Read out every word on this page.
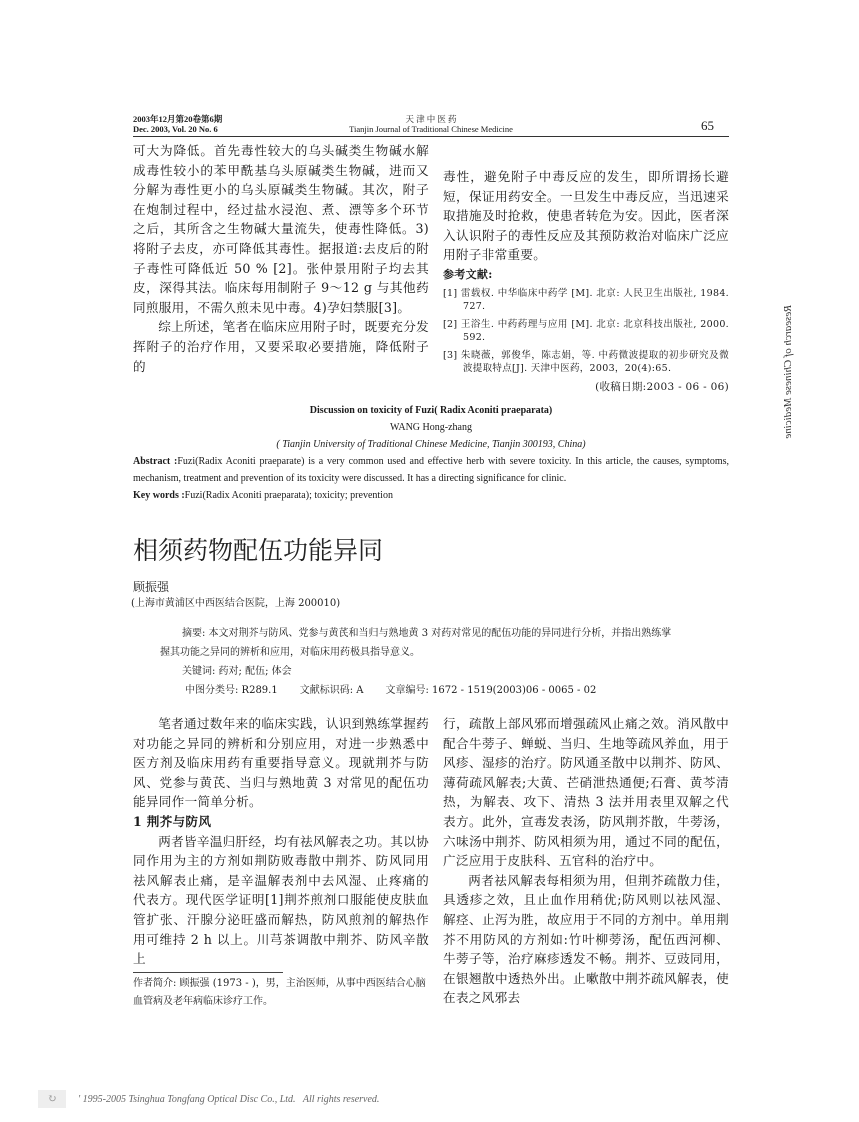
2003年12月第20卷第6期
Dec. 2003, Vol. 20 No. 6
天 津 中 医 药
Tianjin Journal of Traditional Chinese Medicine	65

可大为降低。首先毒性较大的乌头碱类生物碱水解成毒性较小的苯甲酰基乌头原碱类生物碱，进而又分解为毒性更小的乌头原碱类生物碱。其次，附子在炮制过程中，经过盐水浸泡、煮、漂等多个环节之后，其所含之生物碱大量流失，使毒性降低。3)将附子去皮，亦可降低其毒性。据报道:去皮后的附子毒性可降低近 50 % [2]。张仲景用附子均去其皮，深得其法。临床每用制附子 9～12 g 与其他药同煎服用，不需久煎未见中毒。4)孕妇禁服[3]。

综上所述，笔者在临床应用附子时，既要充分发挥附子的治疗作用，又要采取必要措施，降低附子的

毒性，避免附子中毒反应的发生，即所谓扬长避短，保证用药安全。一旦发生中毒反应，当迅速采取措施及时抢救，使患者转危为安。因此，医者深入认识附子的毒性反应及其预防救治对临床广泛应用附子非常重要。

参考文献:
[1] 雷载权. 中华临床中药学 [M]. 北京: 人民卫生出版社, 1984. 727.
[2] 王浴生. 中药药理与应用 [M]. 北京: 北京科技出版社, 2000. 592.
[3] 朱晓薇，郭俊华，陈志娟，等. 中药微波提取的初步研究及微波提取特点[J]. 天津中医药，2003，20(4):65.
(收稿日期:2003 - 06 - 06)
Discussion on toxicity of Fuzi( Radix Aconiti praeparata)
WANG Hong-zhang
( Tianjin University of Traditional Chinese Medicine, Tianjin 300193, China)
Abstract :Fuzi(Radix Aconiti praeparate) is a very common used and effective herb with severe toxicity. In this article, the causes, symptoms, mechanism, treatment and prevention of its toxicity were discussed. It has a directing significance for clinic.
Key words :Fuzi(Radix Aconiti praeparata); toxicity; prevention
相须药物配伍功能异同
顾振强
(上海市黄浦区中西医结合医院，上海 200010)
摘要: 本文对荆芥与防风、党参与黄芪和当归与熟地黄 3 对药对常见的配伍功能的异同进行分析，并指出熟练掌握其功能之异同的辨析和应用，对临床用药极具指导意义。
关键词: 药对; 配伍; 体会
中图分类号: R289.1 文献标识码: A 文章编号: 1672 - 1519(2003)06 - 0065 - 02

笔者通过数年来的临床实践，认识到熟练掌握药对功能之异同的辨析和分别应用，对进一步熟悉中医方剂及临床用药有重要指导意义。现就荆芥与防风、党参与黄芪、当归与熟地黄 3 对常见的配伍功能异同作一简单分析。

1 荆芥与防风

两者皆辛温归肝经，均有祛风解表之功。其以协同作用为主的方剂如荆防败毒散中荆芥、防风同用祛风解表止痛，是辛温解表剂中去风湿、止疼痛的代表方。现代医学证明[1]荆芥煎剂口服能使皮肤血管扩张、汗腺分泌旺盛而解热，防风煎剂的解热作用可维持 2 h 以上。川芎茶调散中荆芥、防风辛散上

作者简介: 顾振强 (1973 - )，男，主治医师，从事中西医结合心脑血管病及老年病临床诊疗工作。

行，疏散上部风邪而增强疏风止痛之效。消风散中配合牛蒡子、蝉蜕、当归、生地等疏风养血，用于风疹、湿疹的治疗。防风通圣散中以荆芥、防风、薄荷疏风解表;大黄、芒硝泄热通便;石膏、黄芩清热，为解表、攻下、清热 3 法并用表里双解之代表方。此外，宣毒发表汤，防风荆芥散，牛蒡汤，六味汤中荆芥、防风相须为用，通过不同的配伍，广泛应用于皮肤科、五官科的治疗中。

两者祛风解表每相须为用，但荆芥疏散力佳，具透疹之效，且止血作用稍优;防风则以祛风湿、解痉、止泻为胜，故应用于不同的方剂中。单用荆芥不用防风的方剂如:竹叶柳蒡汤，配伍西河柳、牛蒡子等，治疗麻疹透发不畅。荆芥、豆豉同用，在银翘散中透热外出。止嗽散中荆芥疏风解表，使在表之风邪去

↻	' 1995-2005 Tsinghua Tongfang Optical Disc Co., Ltd.   All rights reserved.
Research of Chinese Medicine
